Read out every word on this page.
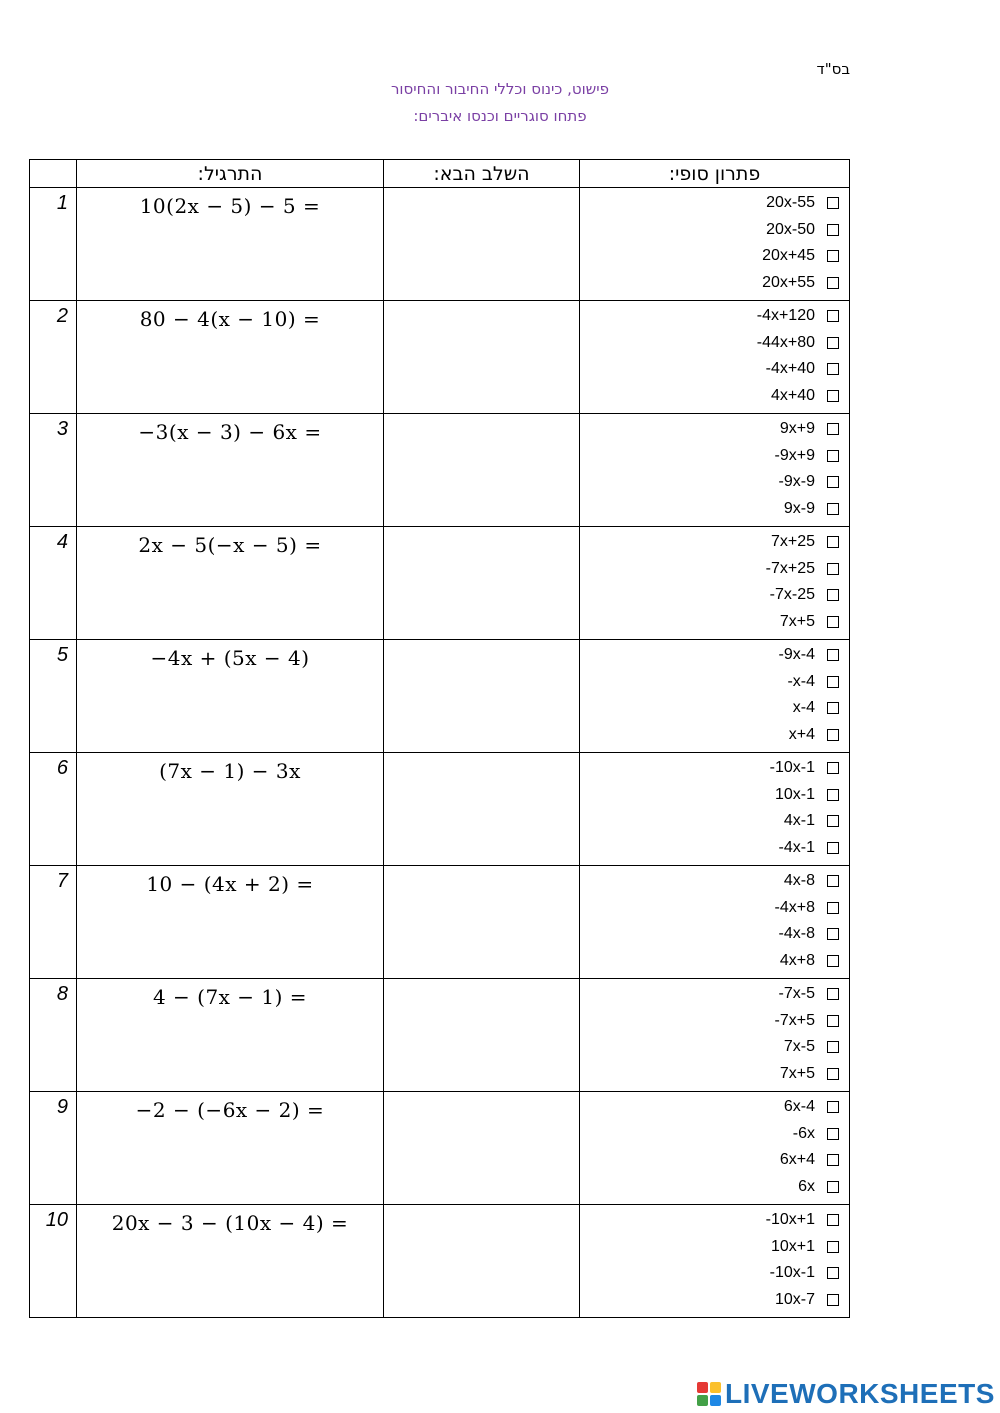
בס"ד
פישוט, כינוס וכללי החיבור והחיסור
פתחו סוגריים וכנסו איברים:
	התרגיל:	השלב הבא:	פתרון סופי:
1	10(2x − 5) − 5 =		20x-55
20x-50
20x+45
20x+55

2	80 − 4(x − 10) =		-4x+120
-44x+80
-4x+40
4x+40

3	−3(x − 3) − 6x =		9x+9
-9x+9
-9x-9
9x-9

4	2x − 5(−x − 5) =		7x+25
-7x+25
-7x-25
7x+5

5	−4x + (5x − 4)		-9x-4
-x-4
x-4
x+4

6	(7x − 1) − 3x		-10x-1
10x-1
4x-1
-4x-1

7	10 − (4x + 2) =		4x-8
-4x+8
-4x-8
4x+8

8	4 − (7x − 1) =		-7x-5
-7x+5
7x-5
7x+5

9	−2 − (−6x − 2) =		6x-4
-6x
6x+4
6x

10	20x − 3 − (10x − 4) =		-10x+1
10x+1
-10x-1
10x-7
LIVEWORKSHEETS
